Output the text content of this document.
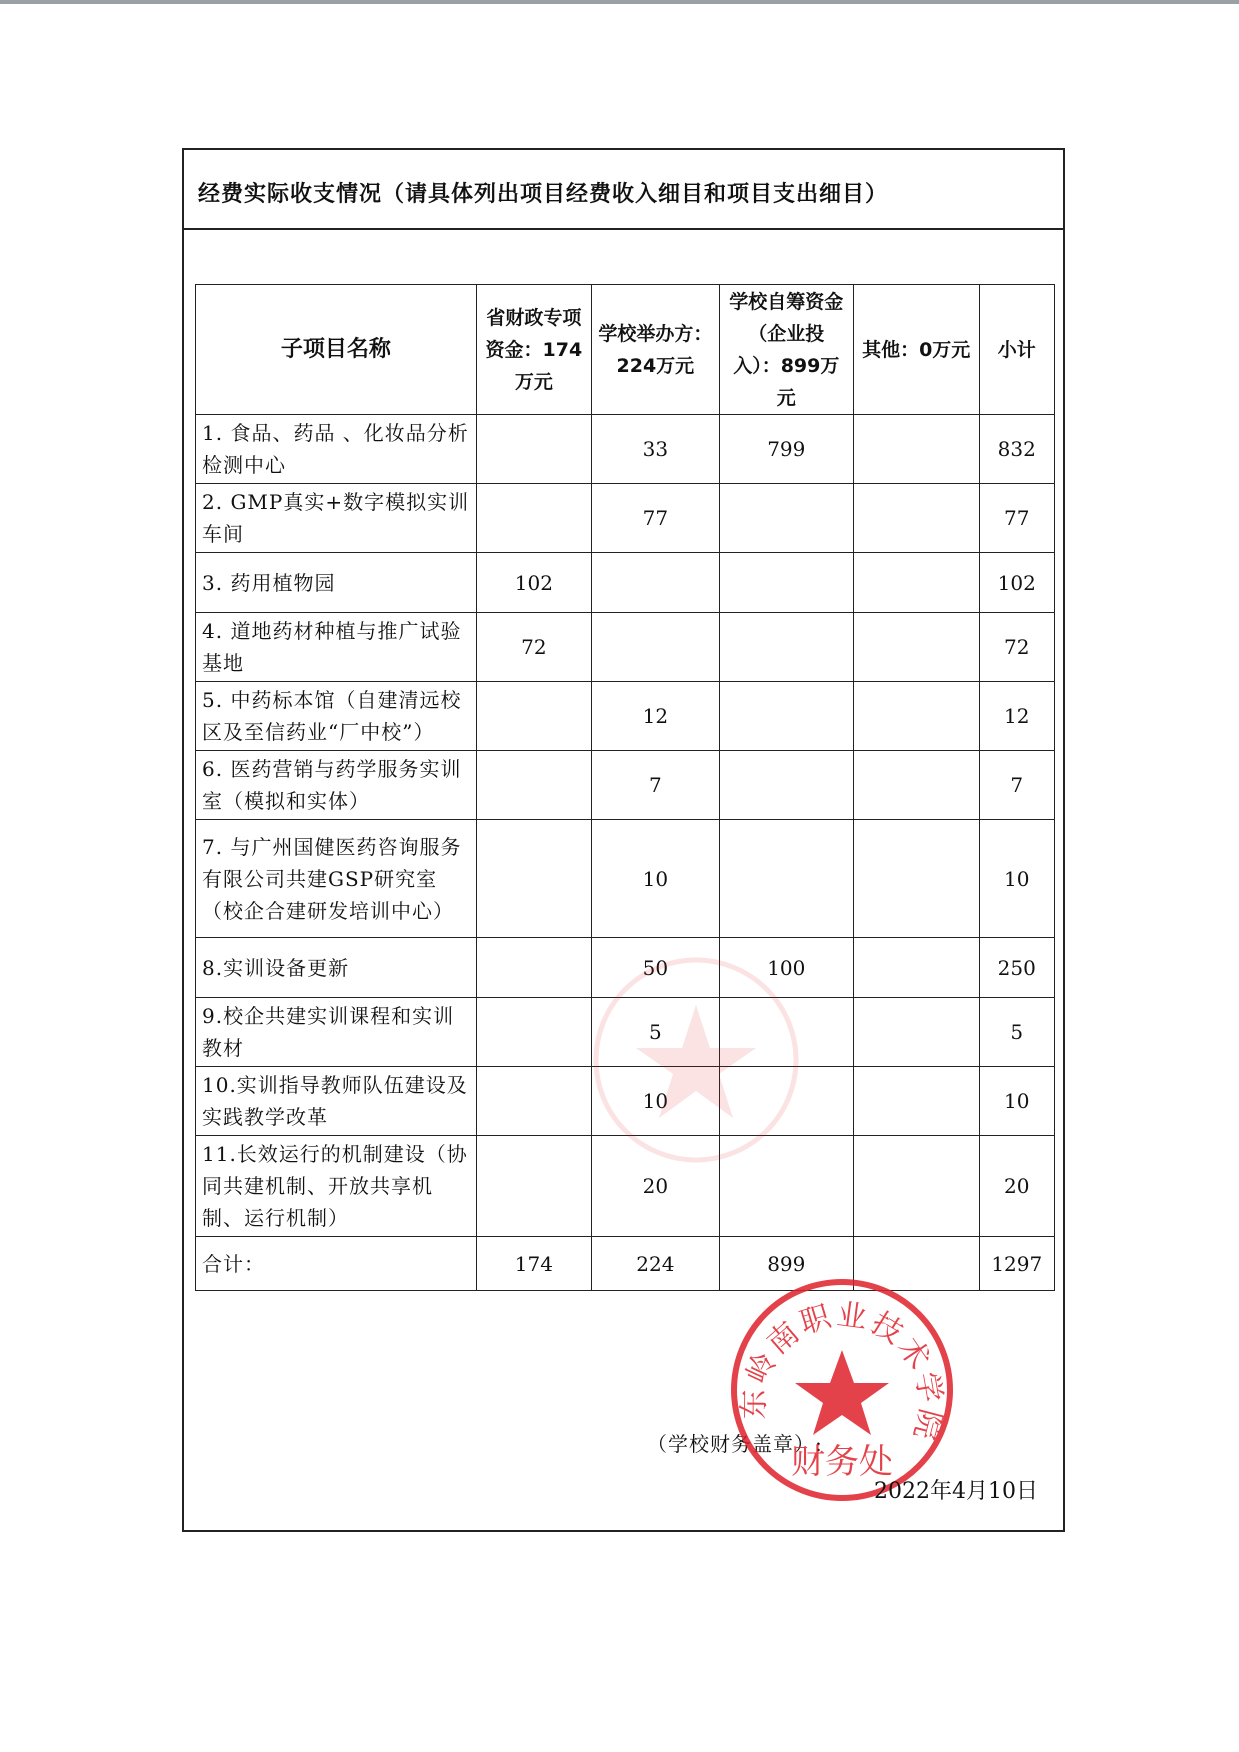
经费实际收支情况（请具体列出项目经费收入细目和项目支出细目）
子项目名称	省财政专项资金：174万元	学校举办方：224万元	学校自筹资金（企业投入）：899万元	其他：0万元	小计
1. 食品、药品 、化妆品分析检测中心		33	799		832
2. GMP真实+数字模拟实训车间		77			77
3. 药用植物园	102				102
4. 道地药材种植与推广试验基地	72				72
5. 中药标本馆（自建清远校区及至信药业“厂中校”）		12			12
6. 医药营销与药学服务实训室（模拟和实体）		7			7
7. 与广州国健医药咨询服务有限公司共建GSP研究室（校企合建研发培训中心）		10			10
8.实训设备更新		50	100		250
9.校企共建实训课程和实训教材		5			5
10.实训指导教师队伍建设及实践教学改革		10			10
11.长效运行的机制建设（协同共建机制、开放共享机制、运行机制）		20			20
合计：	174	224	899		1297
（学校财务盖章）:
东岭南职业技术学院
财务处
2022年4月10日
